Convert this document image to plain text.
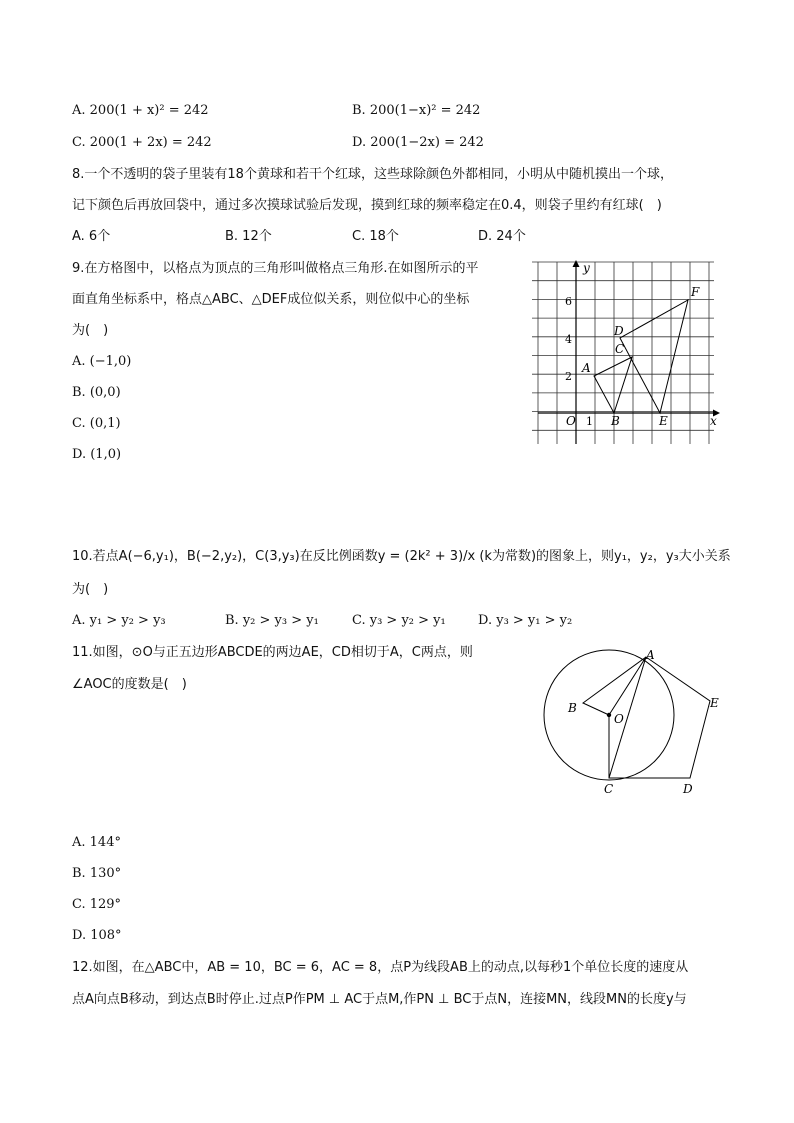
A. 200(1 + x)² = 242	B. 200(1−x)² = 242
C. 200(1 + 2x) = 242	D. 200(1−2x) = 242
8.一个不透明的袋子里装有18个黄球和若干个红球，这些球除颜色外都相同，小明从中随机摸出一个球，
记下颜色后再放回袋中，通过多次摸球试验后发现，摸到红球的频率稳定在0.4，则袋子里约有红球(　)
A. 6个	B. 12个	C. 18个	D. 24个
9.在方格图中，以格点为顶点的三角形叫做格点三角形.在如图所示的平
面直角坐标系中，格点△ABC、△DEF成位似关系，则位似中心的坐标
为(　)
A. (−1,0)
B. (0,0)
C. (0,1)
D. (1,0)
y
x
O 1
2
4
6
A
B
C
D
E
F
10.若点A(−6,y₁)，B(−2,y₂)，C(3,y₃)在反比例函数y = (2k² + 3)/x (k为常数)的图象上，则y₁，y₂，y₃大小关系
为(　)
A. y₁ > y₂ > y₃	B. y₂ > y₃ > y₁	C. y₃ > y₂ > y₁ D. y₃ > y₁ > y₂
11.如图，⊙O与正五边形ABCDE的两边AE，CD相切于A，C两点，则
∠AOC的度数是(　)
A
B
C	D
E
O
A. 144°
B. 130°
C. 129°
D. 108°
12.如图，在△ABC中，AB = 10，BC = 6，AC = 8，点P为线段AB上的动点,以每秒1个单位长度的速度从
点A向点B移动，到达点B时停止.过点P作PM ⊥ AC于点M,作PN ⊥ BC于点N，连接MN，线段MN的长度y与
